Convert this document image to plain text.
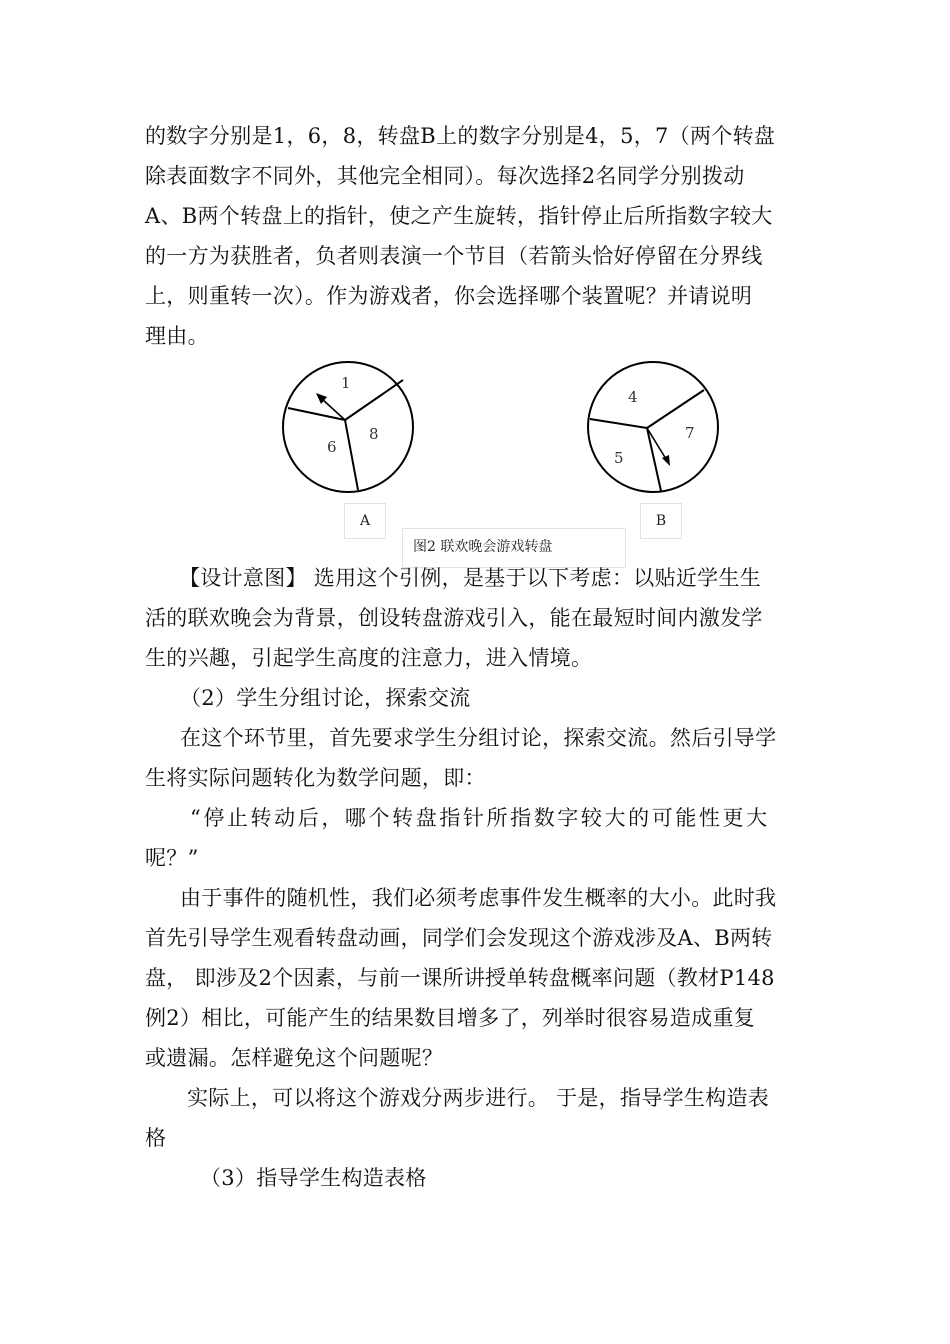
的数字分别是1，6，8，转盘B上的数字分别是4，5，7（两个转盘
除表面数字不同外，其他完全相同）。每次选择2名同学分别拨动
A、B两个转盘上的指针，使之产生旋转，指针停止后所指数字较大
的一方为获胜者，负者则表演一个节目（若箭头恰好停留在分界线
上，则重转一次）。作为游戏者，你会选择哪个装置呢？并请说明
理由。
1
6
8
4
5
7
A	B
图2 联欢晚会游戏转盘
【设计意图】 选用这个引例，是基于以下考虑：以贴近学生生
活的联欢晚会为背景，创设转盘游戏引入，能在最短时间内激发学
生的兴趣，引起学生高度的注意力，进入情境。
（2）学生分组讨论，探索交流
在这个环节里，首先要求学生分组讨论，探索交流。然后引导学
生将实际问题转化为数学问题，即：
“停止转动后，哪个转盘指针所指数字较大的可能性更大
呢？”
由于事件的随机性，我们必须考虑事件发生概率的大小。此时我
首先引导学生观看转盘动画，同学们会发现这个游戏涉及A、B两转
盘， 即涉及2个因素，与前一课所讲授单转盘概率问题（教材P148
例2）相比，可能产生的结果数目增多了，列举时很容易造成重复
或遗漏。怎样避免这个问题呢？
实际上，可以将这个游戏分两步进行。 于是，指导学生构造表
格
（3）指导学生构造表格
